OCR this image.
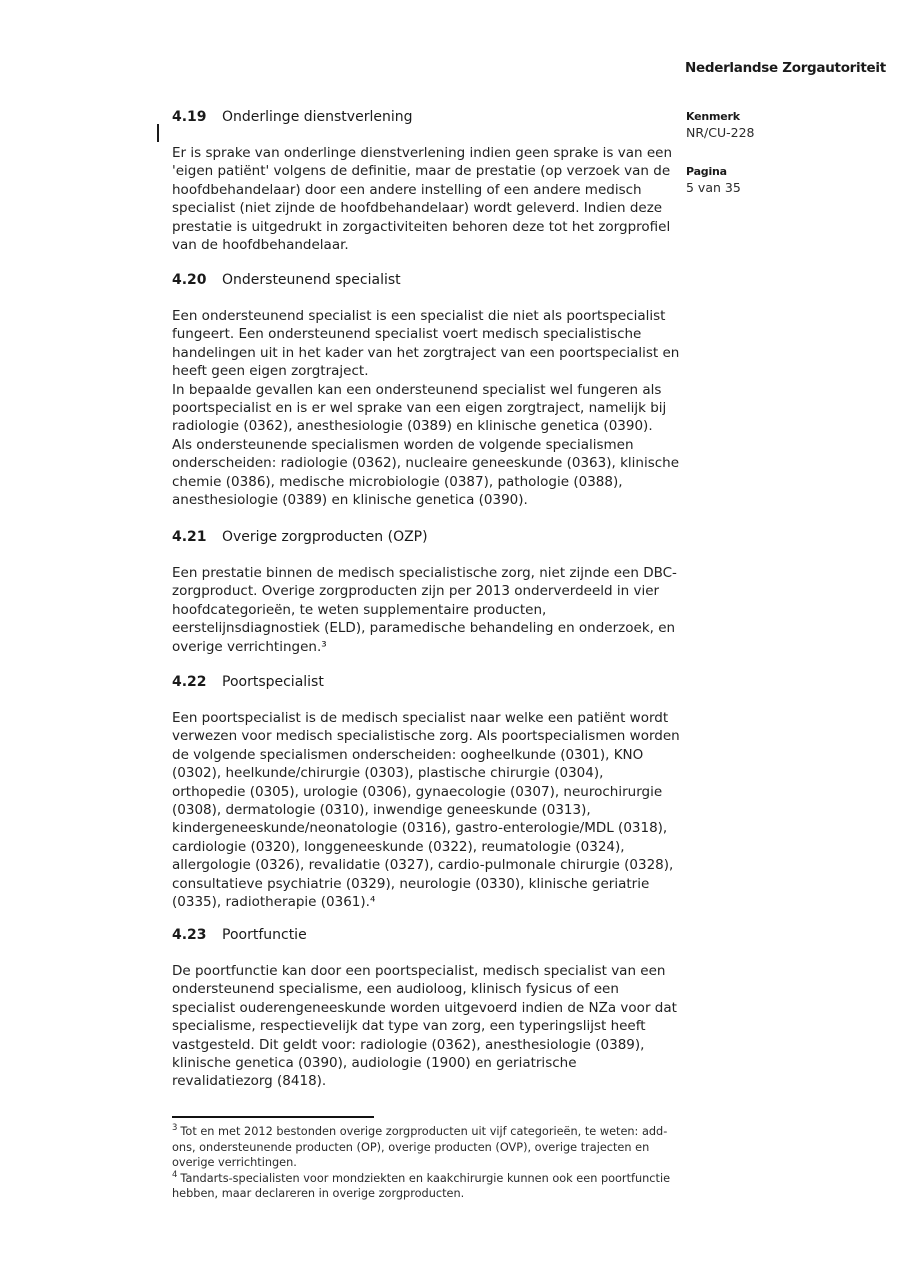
Nederlandse Zorgautoriteit

Kenmerk

NR/CU-228

Pagina

5 van 35

4.19 Onderlinge dienstverlening

Er is sprake van onderlinge dienstverlening indien geen sprake is van een 'eigen patiënt' volgens de definitie, maar de prestatie (op verzoek van de hoofdbehandelaar) door een andere instelling of een andere medisch specialist (niet zijnde de hoofdbehandelaar) wordt geleverd. Indien deze prestatie is uitgedrukt in zorgactiviteiten behoren deze tot het zorgprofiel van de hoofdbehandelaar.

4.20 Ondersteunend specialist

Een ondersteunend specialist is een specialist die niet als poortspecialist fungeert. Een ondersteunend specialist voert medisch specialistische handelingen uit in het kader van het zorgtraject van een poortspecialist en heeft geen eigen zorgtraject.

In bepaalde gevallen kan een ondersteunend specialist wel fungeren als poortspecialist en is er wel sprake van een eigen zorgtraject, namelijk bij radiologie (0362), anesthesiologie (0389) en klinische genetica (0390).

Als ondersteunende specialismen worden de volgende specialismen onderscheiden: radiologie (0362), nucleaire geneeskunde (0363), klinische chemie (0386), medische microbiologie (0387), pathologie (0388), anesthesiologie (0389) en klinische genetica (0390).

4.21 Overige zorgproducten (OZP)

Een prestatie binnen de medisch specialistische zorg, niet zijnde een DBC-zorgproduct. Overige zorgproducten zijn per 2013 onderverdeeld in vier hoofdcategorieën, te weten supplementaire producten, eerstelijnsdiagnostiek (ELD), paramedische behandeling en onderzoek, en overige verrichtingen.³

4.22 Poortspecialist

Een poortspecialist is de medisch specialist naar welke een patiënt wordt verwezen voor medisch specialistische zorg. Als poortspecialismen worden de volgende specialismen onderscheiden: oogheelkunde (0301), KNO (0302), heelkunde/chirurgie (0303), plastische chirurgie (0304), orthopedie (0305), urologie (0306), gynaecologie (0307), neurochirurgie (0308), dermatologie (0310), inwendige geneeskunde (0313), kindergeneeskunde/neonatologie (0316), gastro-enterologie/MDL (0318), cardiologie (0320), longgeneeskunde (0322), reumatologie (0324), allergologie (0326), revalidatie (0327), cardio-pulmonale chirurgie (0328), consultatieve psychiatrie (0329), neurologie (0330), klinische geriatrie (0335), radiotherapie (0361).⁴

4.23 Poortfunctie

De poortfunctie kan door een poortspecialist, medisch specialist van een ondersteunend specialisme, een audioloog, klinisch fysicus of een specialist ouderengeneeskunde worden uitgevoerd indien de NZa voor dat specialisme, respectievelijk dat type van zorg, een typeringslijst heeft vastgesteld. Dit geldt voor: radiologie (0362), anesthesiologie (0389), klinische genetica (0390), audiologie (1900) en geriatrische revalidatiezorg (8418).

$^3$ Tot en met 2012 bestonden overige zorgproducten uit vijf categorieën, te weten: add-ons, ondersteunende producten (OP), overige producten (OVP), overige trajecten en overige verrichtingen.

$^4$ Tandarts-specialisten voor mondziekten en kaakchirurgie kunnen ook een poortfunctie hebben, maar declareren in overige zorgproducten.
